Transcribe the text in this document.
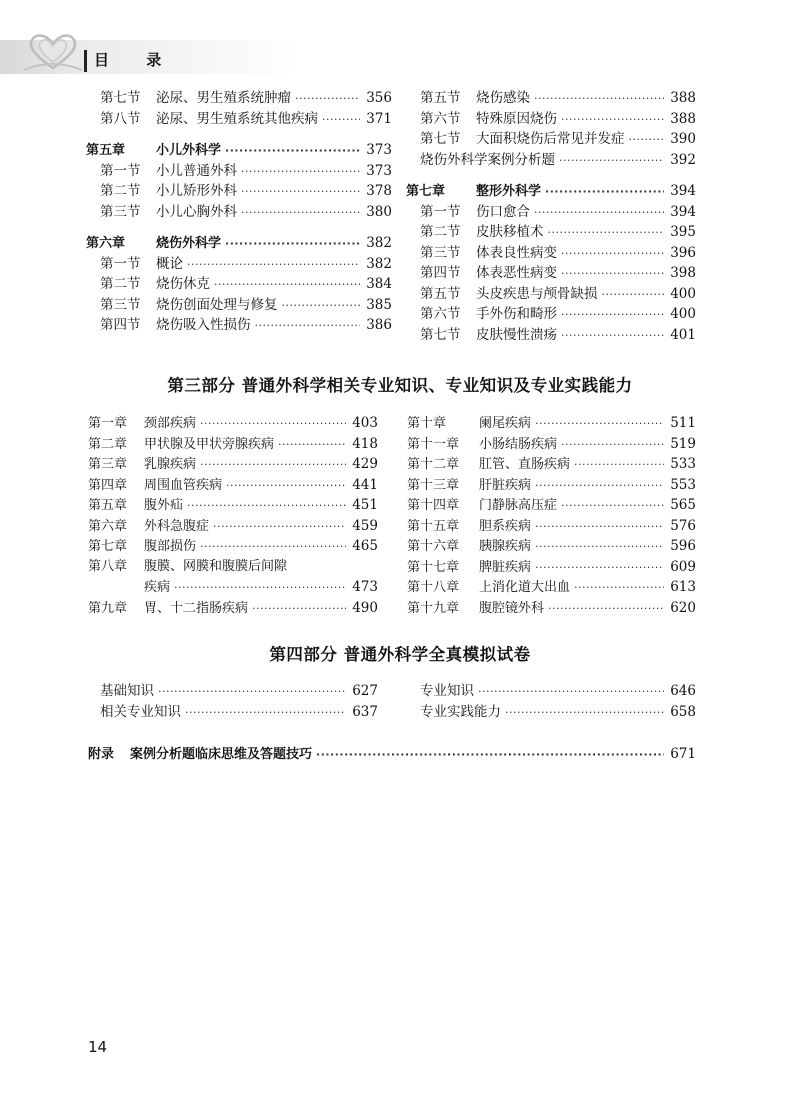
目 录
第七节	泌尿、男生殖系统肿瘤 ·····	356
第八节	泌尿、男生殖系统其他疾病 ·····	371
第五章	小儿外科学 ·····	373
第一节	小儿普通外科 ·····	373
第二节	小儿矫形外科 ·····	378
第三节	小儿心胸外科 ·····	380
第六章	烧伤外科学 ·····	382
第一节	概论 ·····	382
第二节	烧伤休克 ·····	384
第三节	烧伤创面处理与修复 ·····	385
第四节	烧伤吸入性损伤 ·····	386
第五节	烧伤感染 ·····	388
第六节	特殊原因烧伤 ·····	388
第七节	大面积烧伤后常见并发症 ·····	390
烧伤外科学案例分析题 ·····	392
第七章	整形外科学 ·····	394
第一节	伤口愈合 ·····	394
第二节	皮肤移植术 ·····	395
第三节	体表良性病变 ·····	396
第四节	体表恶性病变 ·····	398
第五节	头皮疾患与颅骨缺损 ·····	400
第六节	手外伤和畸形 ·····	400
第七节	皮肤慢性溃疡 ·····	401
第三部分 普通外科学相关专业知识、专业知识及专业实践能力
第一章	颈部疾病 ·····	403
第二章	甲状腺及甲状旁腺疾病 ·····	418
第三章	乳腺疾病 ·····	429
第四章	周围血管疾病 ·····	441
第五章	腹外疝 ·····	451
第六章	外科急腹症 ·····	459
第七章	腹部损伤 ·····	465
第八章	腹膜、网膜和腹膜后间隙
疾病 ·····	473
第九章	胃、十二指肠疾病 ·····	490
第十章	阑尾疾病 ·····	511
第十一章	小肠结肠疾病 ·····	519
第十二章	肛管、直肠疾病 ·····	533
第十三章	肝脏疾病 ·····	553
第十四章	门静脉高压症 ·····	565
第十五章	胆系疾病 ·····	576
第十六章	胰腺疾病 ·····	596
第十七章	脾脏疾病 ·····	609
第十八章	上消化道大出血 ·····	613
第十九章	腹腔镜外科 ·····	620
第四部分 普通外科学全真模拟试卷
基础知识 ·····	627
相关专业知识 ·····	637
专业知识 ·····	646
专业实践能力 ·····	658
附录	案例分析题临床思维及答题技巧 ·····	671
14
